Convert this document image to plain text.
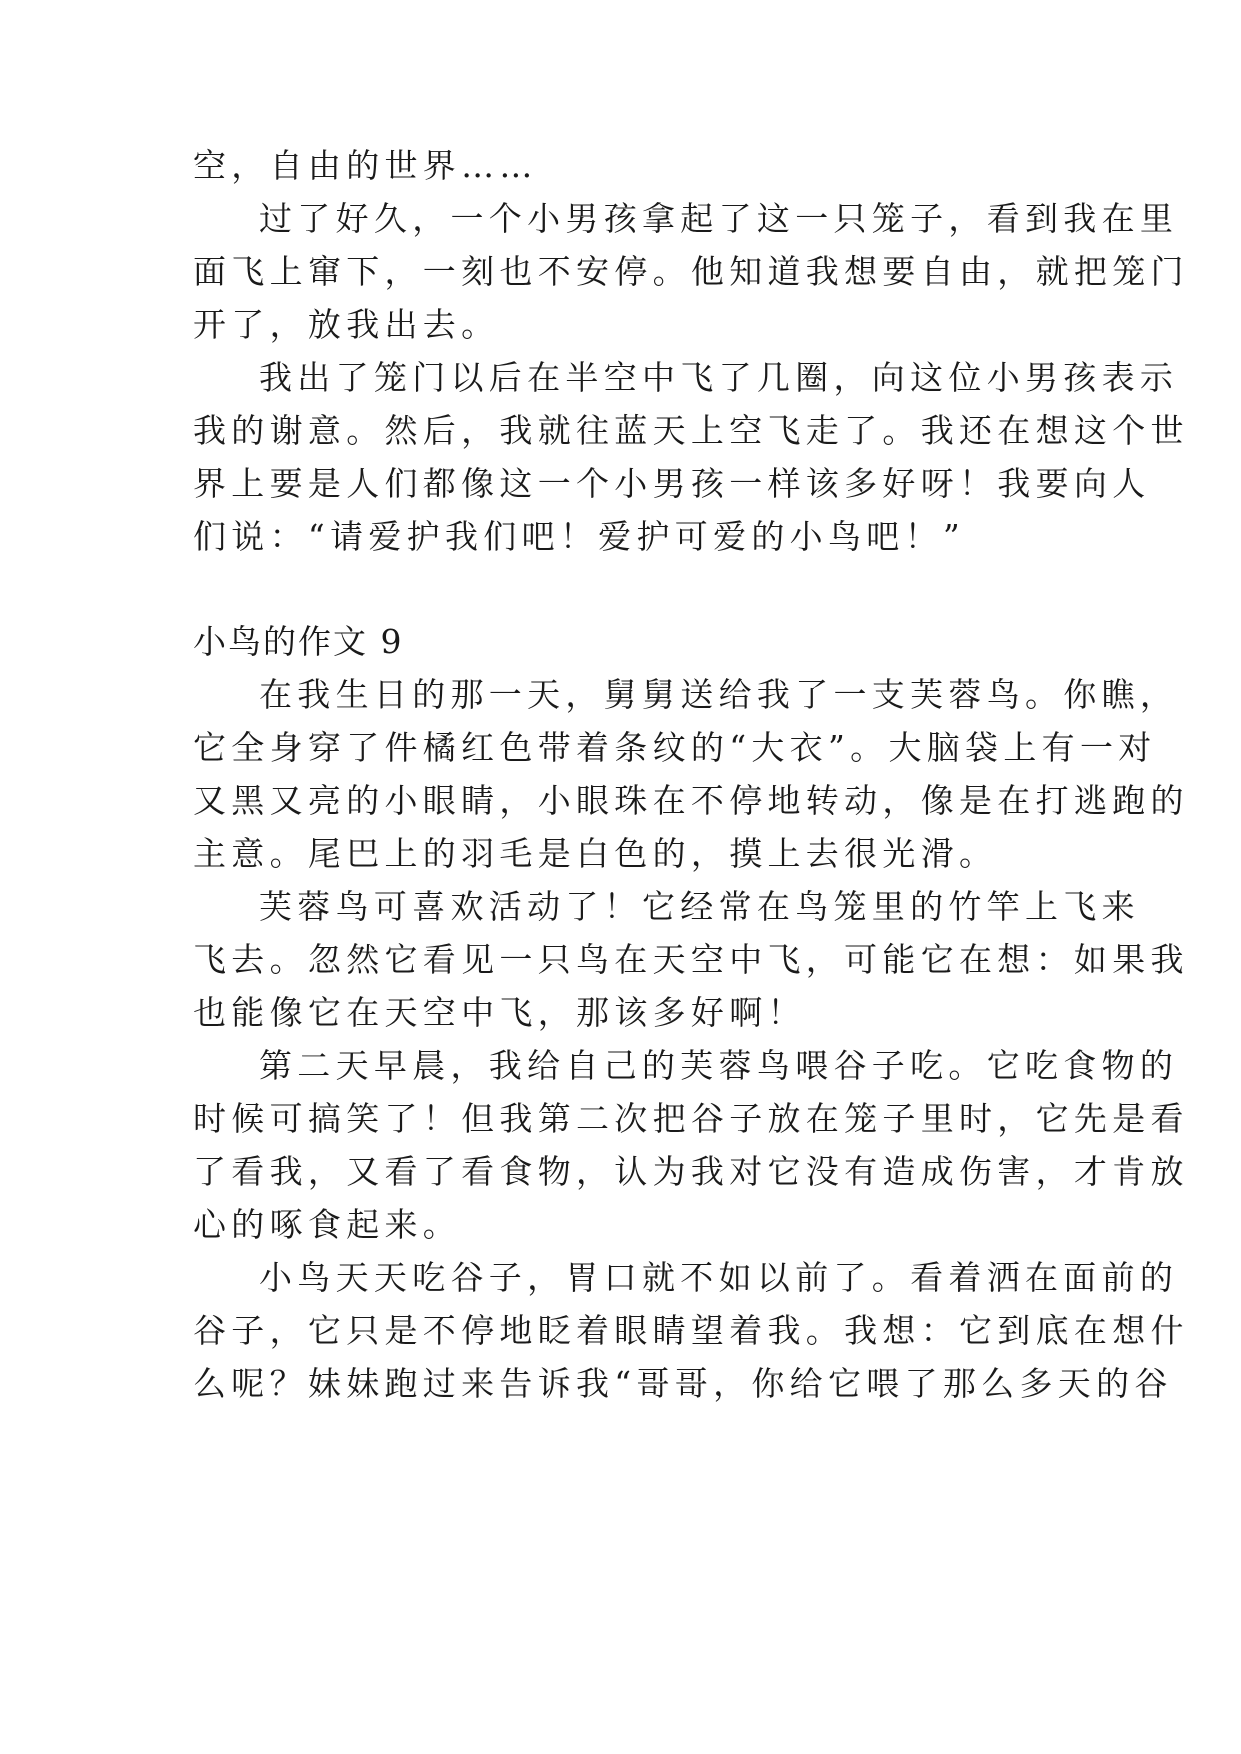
空，自由的世界……
过了好久，一个小男孩拿起了这一只笼子，看到我在里
面飞上窜下，一刻也不安停。他知道我想要自由，就把笼门
开了，放我出去。
我出了笼门以后在半空中飞了几圈，向这位小男孩表示
我的谢意。然后，我就往蓝天上空飞走了。我还在想这个世
界上要是人们都像这一个小男孩一样该多好呀！我要向人
们说：“请爱护我们吧！爱护可爱的小鸟吧！”
小鸟的作文 9
在我生日的那一天，舅舅送给我了一支芙蓉鸟。你瞧，
它全身穿了件橘红色带着条纹的“大衣”。大脑袋上有一对
又黑又亮的小眼睛，小眼珠在不停地转动，像是在打逃跑的
主意。尾巴上的羽毛是白色的，摸上去很光滑。
芙蓉鸟可喜欢活动了！它经常在鸟笼里的竹竿上飞来
飞去。忽然它看见一只鸟在天空中飞，可能它在想：如果我
也能像它在天空中飞，那该多好啊！
第二天早晨，我给自己的芙蓉鸟喂谷子吃。它吃食物的
时候可搞笑了！但我第二次把谷子放在笼子里时，它先是看
了看我，又看了看食物，认为我对它没有造成伤害，才肯放
心的啄食起来。
小鸟天天吃谷子，胃口就不如以前了。看着洒在面前的
谷子，它只是不停地眨着眼睛望着我。我想：它到底在想什
么呢？妹妹跑过来告诉我“哥哥，你给它喂了那么多天的谷
